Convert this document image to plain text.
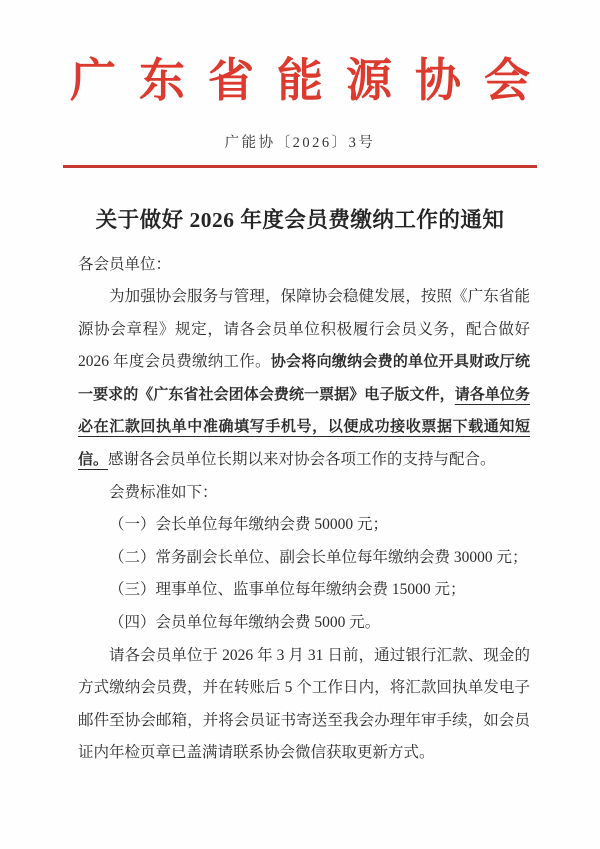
广东省能源协会
广能协〔2026〕3号
关于做好 2026 年度会员费缴纳工作的通知

各会员单位：

为加强协会服务与管理，保障协会稳健发展，按照《广东省能源协会章程》规定，请各会员单位积极履行会员义务，配合做好 2026 年度会员费缴纳工作。协会将向缴纳会费的单位开具财政厅统一要求的《广东省社会团体会费统一票据》电子版文件，请各单位务必在汇款回执单中准确填写手机号，以便成功接收票据下载通知短信。感谢各会员单位长期以来对协会各项工作的支持与配合。

会费标准如下：

（一）会长单位每年缴纳会费 50000 元；

（二）常务副会长单位、副会长单位每年缴纳会费 30000 元；

（三）理事单位、监事单位每年缴纳会费 15000 元；

（四）会员单位每年缴纳会费 5000 元。

请各会员单位于 2026 年 3 月 31 日前，通过银行汇款、现金的方式缴纳会员费，并在转账后 5 个工作日内，将汇款回执单发电子邮件至协会邮箱，并将会员证书寄送至我会办理年审手续，如会员证内年检页章已盖满请联系协会微信获取更新方式。
